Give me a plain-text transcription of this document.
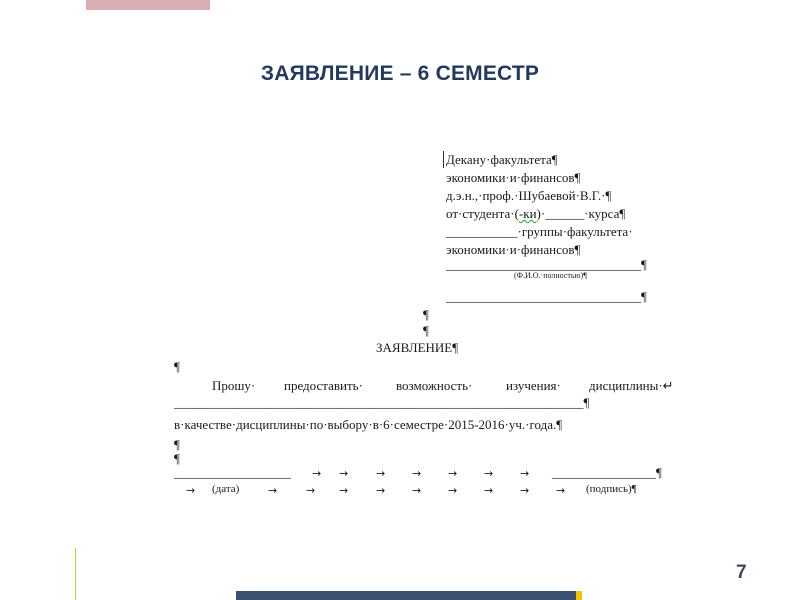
ЗАЯВЛЕНИЕ – 6 СЕМЕСТР
Декану·факультета¶
экономики·и·финансов¶
д.э.н.,·проф.·Шубаевой·В.Г.·¶
от·студента·(-ки)·______·курса¶
___________·группы·факультета·
экономики·и·финансов¶
______________________________¶
(Ф.И.О.·полностью)¶
______________________________¶
¶
¶
ЗАЯВЛЕНИЕ¶
¶
Прошу· предоставить·	возможность·	изучения· дисциплины·↵
_______________________________________________________________¶
в·качестве·дисциплины·по·выбору·в·6·семестре·2015-2016·уч.·года.¶
¶
¶
__________________ → →	→ → → → → ________________¶
→ (дата)	→	→ →	→ → → → → → (подпись)¶
7
